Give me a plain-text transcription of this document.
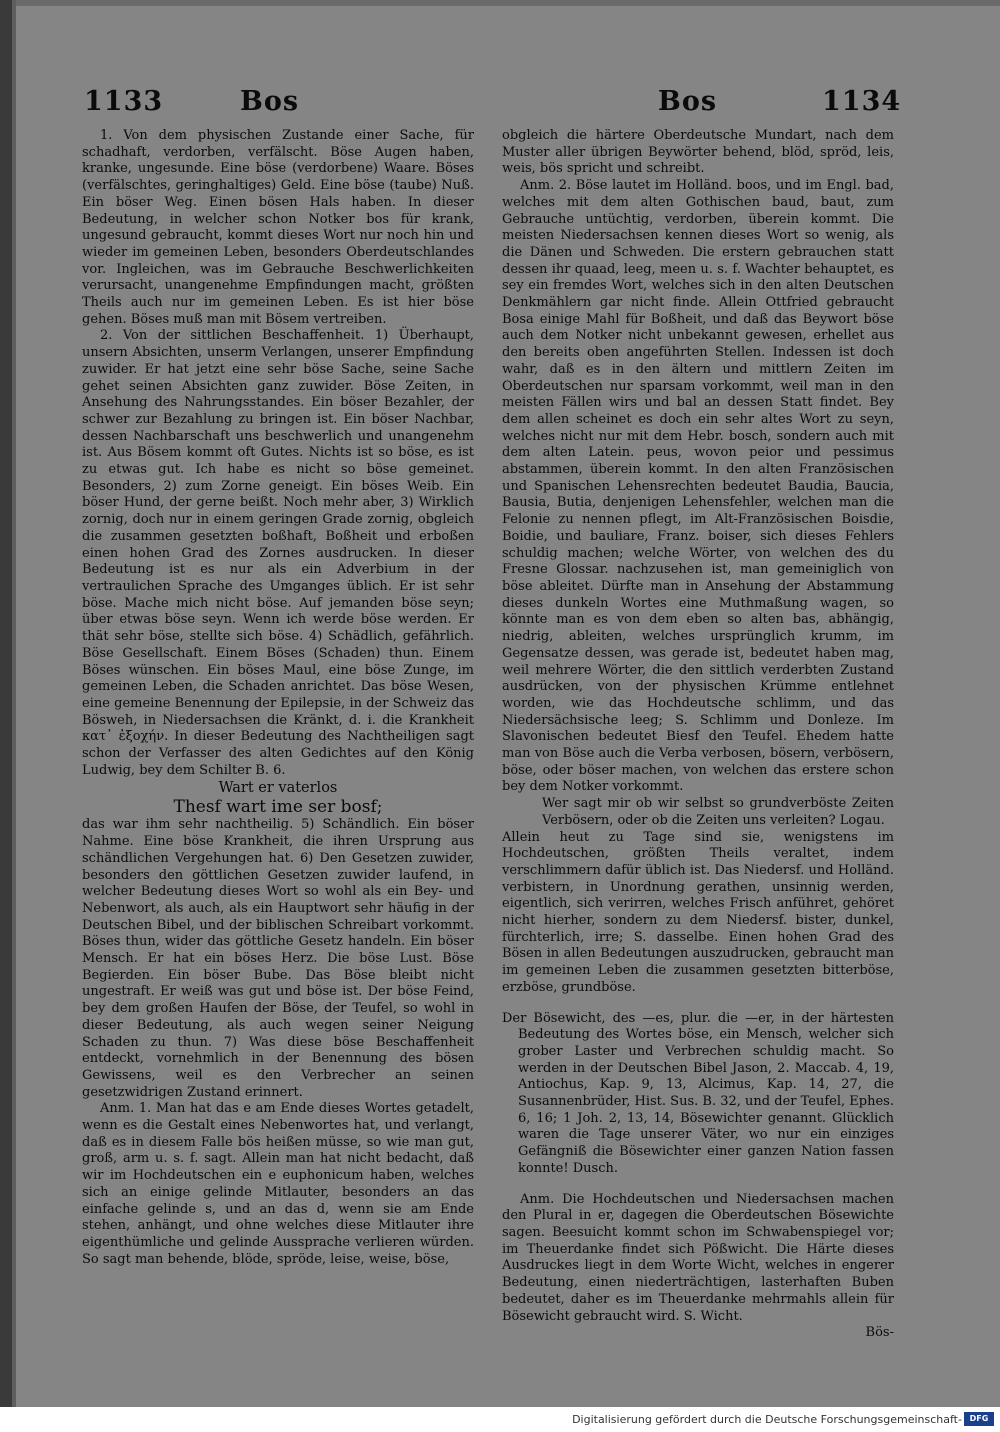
1133	Bos	Bos	1134

1. Von dem physischen Zustande einer Sache, für schadhaft, verdorben, verfälscht. Böse Augen haben, kranke, ungesunde. Eine böse (verdorbene) Waare. Böses (verfälschtes, geringhaltiges) Geld. Eine böse (taube) Nuß. Ein böser Weg. Einen bösen Hals haben. In dieser Bedeutung, in welcher schon Notker bos für krank, ungesund gebraucht, kommt dieses Wort nur noch hin und wieder im gemeinen Leben, besonders Oberdeutschlandes vor. Ingleichen, was im Gebrauche Beschwerlichkeiten verursacht, unangenehme Empfindungen macht, größten Theils auch nur im gemeinen Leben. Es ist hier böse gehen. Böses muß man mit Bösem vertreiben.

2. Von der sittlichen Beschaffenheit. 1) Überhaupt, unsern Absichten, unserm Verlangen, unserer Empfindung zuwider. Er hat jetzt eine sehr böse Sache, seine Sache gehet seinen Absichten ganz zuwider. Böse Zeiten, in Ansehung des Nahrungsstandes. Ein böser Bezahler, der schwer zur Bezahlung zu bringen ist. Ein böser Nachbar, dessen Nachbarschaft uns beschwerlich und unangenehm ist. Aus Bösem kommt oft Gutes. Nichts ist so böse, es ist zu etwas gut. Ich habe es nicht so böse gemeinet. Besonders, 2) zum Zorne geneigt. Ein böses Weib. Ein böser Hund, der gerne beißt. Noch mehr aber, 3) Wirklich zornig, doch nur in einem geringen Grade zornig, obgleich die zusammen gesetzten boßhaft, Boßheit und erboßen einen hohen Grad des Zornes ausdrucken. In dieser Bedeutung ist es nur als ein Adverbium in der vertraulichen Sprache des Umganges üblich. Er ist sehr böse. Mache mich nicht böse. Auf jemanden böse seyn; über etwas böse seyn. Wenn ich werde böse werden. Er thät sehr böse, stellte sich böse. 4) Schädlich, gefährlich. Böse Gesellschaft. Einem Böses (Schaden) thun. Einem Böses wünschen. Ein böses Maul, eine böse Zunge, im gemeinen Leben, die Schaden anrichtet. Das böse Wesen, eine gemeine Benennung der Epilepsie, in der Schweiz das Bösweh, in Niedersachsen die Kränkt, d. i. die Krankheit κατ᾽ ἐξοχήν. In dieser Bedeutung des Nachtheiligen sagt schon der Verfasser des alten Gedichtes auf den König Ludwig, bey dem Schilter B. 6.

Wart er vaterlos

Thesf wart ime ser bosf;

das war ihm sehr nachtheilig. 5) Schändlich. Ein böser Nahme. Eine böse Krankheit, die ihren Ursprung aus schändlichen Vergehungen hat. 6) Den Gesetzen zuwider, besonders den göttlichen Gesetzen zuwider laufend, in welcher Bedeutung dieses Wort so wohl als ein Bey- und Nebenwort, als auch, als ein Hauptwort sehr häufig in der Deutschen Bibel, und der biblischen Schreibart vorkommt. Böses thun, wider das göttliche Gesetz handeln. Ein böser Mensch. Er hat ein böses Herz. Die böse Lust. Böse Begierden. Ein böser Bube. Das Böse bleibt nicht ungestraft. Er weiß was gut und böse ist. Der böse Feind, bey dem großen Haufen der Böse, der Teufel, so wohl in dieser Bedeutung, als auch wegen seiner Neigung Schaden zu thun. 7) Was diese böse Beschaffenheit entdeckt, vornehmlich in der Benennung des bösen Gewissens, weil es den Verbrecher an seinen gesetzwidrigen Zustand erinnert.

Anm. 1. Man hat das e am Ende dieses Wortes getadelt, wenn es die Gestalt eines Nebenwortes hat, und verlangt, daß es in diesem Falle bös heißen müsse, so wie man gut, groß, arm u. s. f. sagt. Allein man hat nicht bedacht, daß wir im Hochdeutschen ein e euphonicum haben, welches sich an einige gelinde Mitlauter, besonders an das einfache gelinde s, und an das d, wenn sie am Ende stehen, anhängt, und ohne welches diese Mitlauter ihre eigenthümliche und gelinde Aussprache verlieren würden. So sagt man behende, blöde, spröde, leise, weise, böse,

obgleich die härtere Oberdeutsche Mundart, nach dem Muster aller übrigen Beywörter behend, blöd, spröd, leis, weis, bös spricht und schreibt.

Anm. 2. Böse lautet im Holländ. boos, und im Engl. bad, welches mit dem alten Gothischen baud, baut, zum Gebrauche untüchtig, verdorben, überein kommt. Die meisten Niedersachsen kennen dieses Wort so wenig, als die Dänen und Schweden. Die erstern gebrauchen statt dessen ihr quaad, leeg, meen u. s. f. Wachter behauptet, es sey ein fremdes Wort, welches sich in den alten Deutschen Denkmählern gar nicht finde. Allein Ottfried gebraucht Bosa einige Mahl für Boßheit, und daß das Beywort böse auch dem Notker nicht unbekannt gewesen, erhellet aus den bereits oben angeführten Stellen. Indessen ist doch wahr, daß es in den ältern und mittlern Zeiten im Oberdeutschen nur sparsam vorkommt, weil man in den meisten Fällen wirs und bal an dessen Statt findet. Bey dem allen scheinet es doch ein sehr altes Wort zu seyn, welches nicht nur mit dem Hebr. bosch, sondern auch mit dem alten Latein. peus, wovon peior und pessimus abstammen, überein kommt. In den alten Französischen und Spanischen Lehensrechten bedeutet Baudia, Baucia, Bausia, Butia, denjenigen Lehensfehler, welchen man die Felonie zu nennen pflegt, im Alt-Französischen Boisdie, Boidie, und bauliare, Franz. boiser, sich dieses Fehlers schuldig machen; welche Wörter, von welchen des du Fresne Glossar. nachzusehen ist, man gemeiniglich von böse ableitet. Dürfte man in Ansehung der Abstammung dieses dunkeln Wortes eine Muthmaßung wagen, so könnte man es von dem eben so alten bas, abhängig, niedrig, ableiten, welches ursprünglich krumm, im Gegensatze dessen, was gerade ist, bedeutet haben mag, weil mehrere Wörter, die den sittlich verderbten Zustand ausdrücken, von der physischen Krümme entlehnet worden, wie das Hochdeutsche schlimm, und das Niedersächsische leeg; S. Schlimm und Donleze. Im Slavonischen bedeutet Biesf den Teufel. Ehedem hatte man von Böse auch die Verba verbosen, bösern, verbösern, böse, oder böser machen, von welchen das erstere schon bey dem Notker vorkommt.

Wer sagt mir ob wir selbst so grundverböste Zeiten Verbösern, oder ob die Zeiten uns verleiten? Logau.

Allein heut zu Tage sind sie, wenigstens im Hochdeutschen, größten Theils veraltet, indem verschlimmern dafür üblich ist. Das Niedersf. und Holländ. verbistern, in Unordnung gerathen, unsinnig werden, eigentlich, sich verirren, welches Frisch anführet, gehöret nicht hierher, sondern zu dem Niedersf. bister, dunkel, fürchterlich, irre; S. dasselbe. Einen hohen Grad des Bösen in allen Bedeutungen auszudrucken, gebraucht man im gemeinen Leben die zusammen gesetzten bitterböse, erzböse, grundböse.

Der Bösewicht, des —es, plur. die —er, in der härtesten Bedeutung des Wortes böse, ein Mensch, welcher sich grober Laster und Verbrechen schuldig macht. So werden in der Deutschen Bibel Jason, 2. Maccab. 4, 19, Antiochus, Kap. 9, 13, Alcimus, Kap. 14, 27, die Susannenbrüder, Hist. Sus. B. 32, und der Teufel, Ephes. 6, 16; 1 Joh. 2, 13, 14, Bösewichter genannt. Glücklich waren die Tage unserer Väter, wo nur ein einziges Gefängniß die Bösewichter einer ganzen Nation fassen konnte! Dusch.

Anm. Die Hochdeutschen und Niedersachsen machen den Plural in er, dagegen die Oberdeutschen Bösewichte sagen. Beesuicht kommt schon im Schwabenspiegel vor; im Theuerdanke findet sich Pößwicht. Die Härte dieses Ausdruckes liegt in dem Worte Wicht, welches in engerer Bedeutung, einen niederträchtigen, lasterhaften Buben bedeutet, daher es im Theuerdanke mehrmahls allein für Bösewicht gebraucht wird. S. Wicht.

Bös-

Digitalisierung gefördert durch die Deutsche Forschungsgemeinschaft - DFG
